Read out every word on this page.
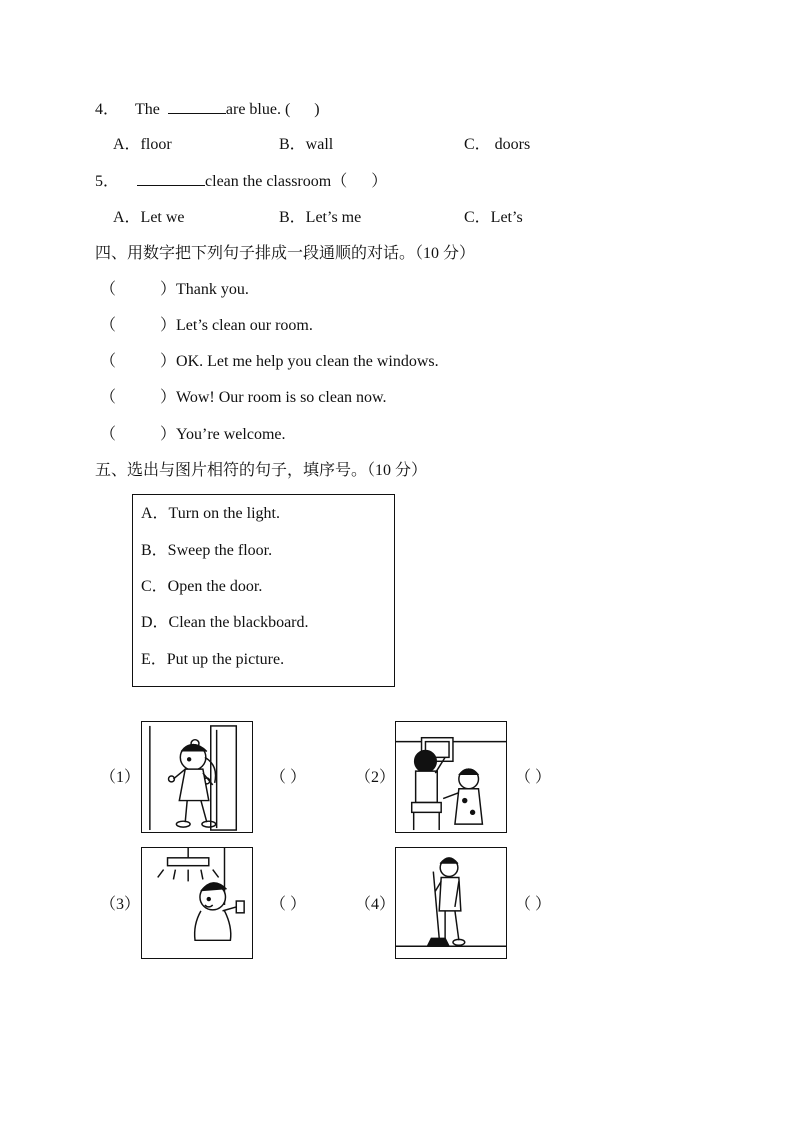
4． The	are blue. ( )
A．floor	B．wall	C． doors
5．	clean the classroom（ ）
A．Let we	B．Let’s me	C．Let’s
四、用数字把下列句子排成一段通顺的对话。（10 分）
（	）Thank you.
（	）Let’s clean our room.
（	）OK. Let me help you clean the windows.
（	）Wow! Our room is so clean now.
（	）You’re welcome.
五、选出与图片相符的句子，填序号。（10 分）
A．Turn on the light.
B．Sweep the floor.
C．Open the door.
D．Clean the blackboard.
E．Put up the picture.
（1）	（ ）	（2）	（ ）
（3）	（ ）	（4）	（ ）
